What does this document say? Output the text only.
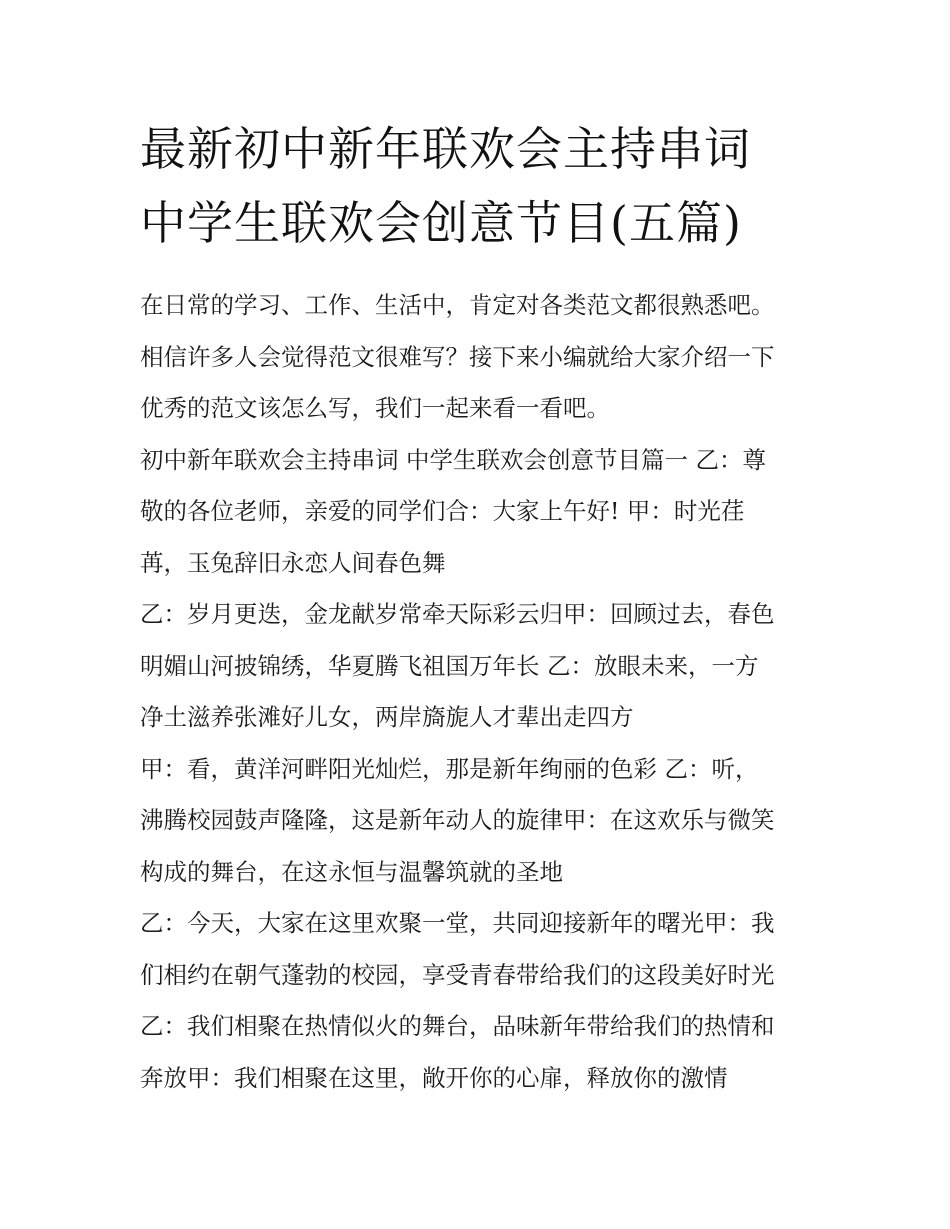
最新初中新年联欢会主持串词
中学生联欢会创意节目(五篇)
在日常的学习、工作、生活中，肯定对各类范文都很熟悉吧。
相信许多人会觉得范文很难写？接下来小编就给大家介绍一下
优秀的范文该怎么写，我们一起来看一看吧。
初中新年联欢会主持串词 中学生联欢会创意节目篇一 乙：尊
敬的各位老师，亲爱的同学们合：大家上午好! 甲：时光荏
苒，玉兔辞旧永恋人间春色舞
乙：岁月更迭，金龙献岁常牵天际彩云归甲：回顾过去，春色
明媚山河披锦绣，华夏腾飞祖国万年长 乙：放眼未来，一方
净土滋养张滩好儿女，两岸旖旎人才辈出走四方
甲：看，黄洋河畔阳光灿烂，那是新年绚丽的色彩 乙：听，
沸腾校园鼓声隆隆，这是新年动人的旋律甲：在这欢乐与微笑
构成的舞台，在这永恒与温馨筑就的圣地
乙：今天，大家在这里欢聚一堂，共同迎接新年的曙光甲：我
们相约在朝气蓬勃的校园，享受青春带给我们的这段美好时光
乙：我们相聚在热情似火的舞台，品味新年带给我们的热情和
奔放甲：我们相聚在这里，敞开你的心扉，释放你的激情
